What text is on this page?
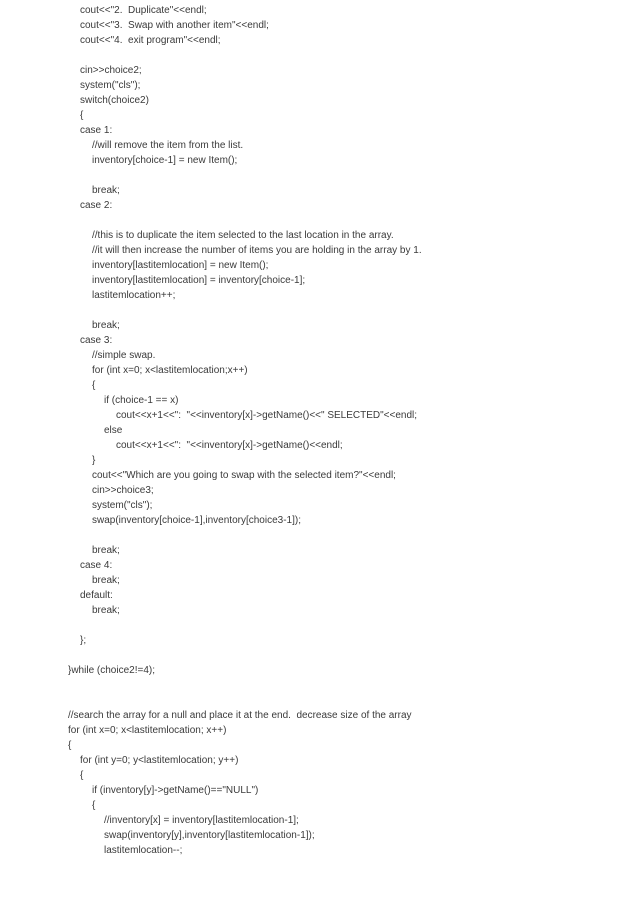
cout<<"2.  Duplicate"<<endl;
cout<<"3.  Swap with another item"<<endl;
cout<<"4.  exit program"<<endl;
cin>>choice2;
system("cls");
switch(choice2)
{
case 1:
//will remove the item from the list.
inventory[choice-1] = new Item();
break;
case 2:
//this is to duplicate the item selected to the last location in the array.
//it will then increase the number of items you are holding in the array by 1.
inventory[lastitemlocation] = new Item();
inventory[lastitemlocation] = inventory[choice-1];
lastitemlocation++;
break;
case 3:
//simple swap.
for (int x=0; x<lastitemlocation;x++)
{
if (choice-1 == x)
cout<<x+1<<":  "<<inventory[x]->getName()<<" SELECTED"<<endl;
else
cout<<x+1<<":  "<<inventory[x]->getName()<<endl;
}
cout<<"Which are you going to swap with the selected item?"<<endl;
cin>>choice3;
system("cls");
swap(inventory[choice-1],inventory[choice3-1]);
break;
case 4:
break;
default:
break;
};
}while (choice2!=4);
//search the array for a null and place it at the end.  decrease size of the array
for (int x=0; x<lastitemlocation; x++)
{
for (int y=0; y<lastitemlocation; y++)
{
if (inventory[y]->getName()=="NULL")
{
//inventory[x] = inventory[lastitemlocation-1];
swap(inventory[y],inventory[lastitemlocation-1]);
lastitemlocation--;
